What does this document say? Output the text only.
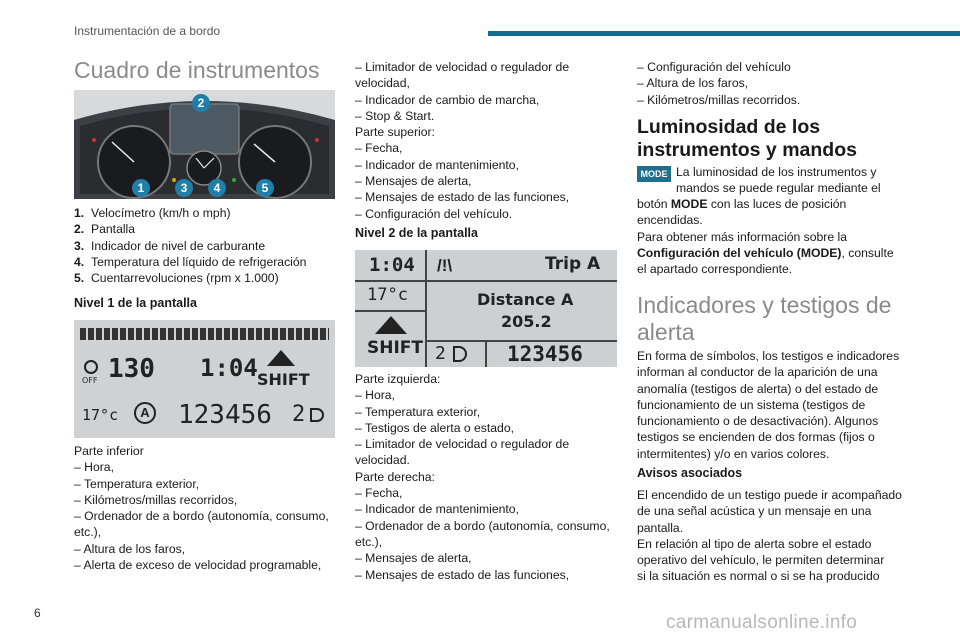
Instrumentación de a bordo
Cuadro de instrumentos
2
1	3	4	5
1. Velocímetro (km/h o mph)
2. Pantalla
3. Indicador de nivel de carburante
4. Temperatura del líquido de refrigeración
5. Cuentarrevoluciones (rpm x 1.000)
Nivel 1 de la pantalla
OFF 130 1:04 SHIFT
17°c	A 123456 2
Parte inferior
– Hora,
– Temperatura exterior,
– Kilómetros/millas recorridos,
– Ordenador de a bordo (autonomía, consumo,
etc.),
– Altura de los faros,
– Alerta de exceso de velocidad programable,
– Limitador de velocidad o regulador de
velocidad,
– Indicador de cambio de marcha,
– Stop & Start.
Parte superior:
– Fecha,
– Indicador de mantenimiento,
– Mensajes de alerta,
– Mensajes de estado de las funciones,
– Configuración del vehículo.
Nivel 2 de la pantalla
1:04 /!\	Trip A
17°c	Distance A
205.2
SHIFT 2	123456
Parte izquierda:
– Hora,
– Temperatura exterior,
– Testigos de alerta o estado,
– Limitador de velocidad o regulador de
velocidad.
Parte derecha:
– Fecha,
– Indicador de mantenimiento,
– Ordenador de a bordo (autonomía, consumo,
etc.),
– Mensajes de alerta,
– Mensajes de estado de las funciones,
– Configuración del vehículo
– Altura de los faros,
– Kilómetros/millas recorridos.
Luminosidad de los instrumentos y mandos
MODE La luminosidad de los instrumentos y
mandos se puede regular mediante el
botón MODE con las luces de posición
encendidas.
Para obtener más información sobre la
Configuración del vehículo (MODE), consulte
el apartado correspondiente.
Indicadores y testigos de
alerta
En forma de símbolos, los testigos e indicadores
informan al conductor de la aparición de una
anomalía (testigos de alerta) o del estado de
funcionamiento de un sistema (testigos de
funcionamiento o de desactivación). Algunos
testigos se encienden de dos formas (fijos o
intermitentes) y/o en varios colores.
Avisos asociados
El encendido de un testigo puede ir acompañado
de una señal acústica y un mensaje en una
pantalla.
En relación al tipo de alerta sobre el estado
operativo del vehículo, le permiten determinar
si la situación es normal o si se ha producido
6	carmanualsonline.info
